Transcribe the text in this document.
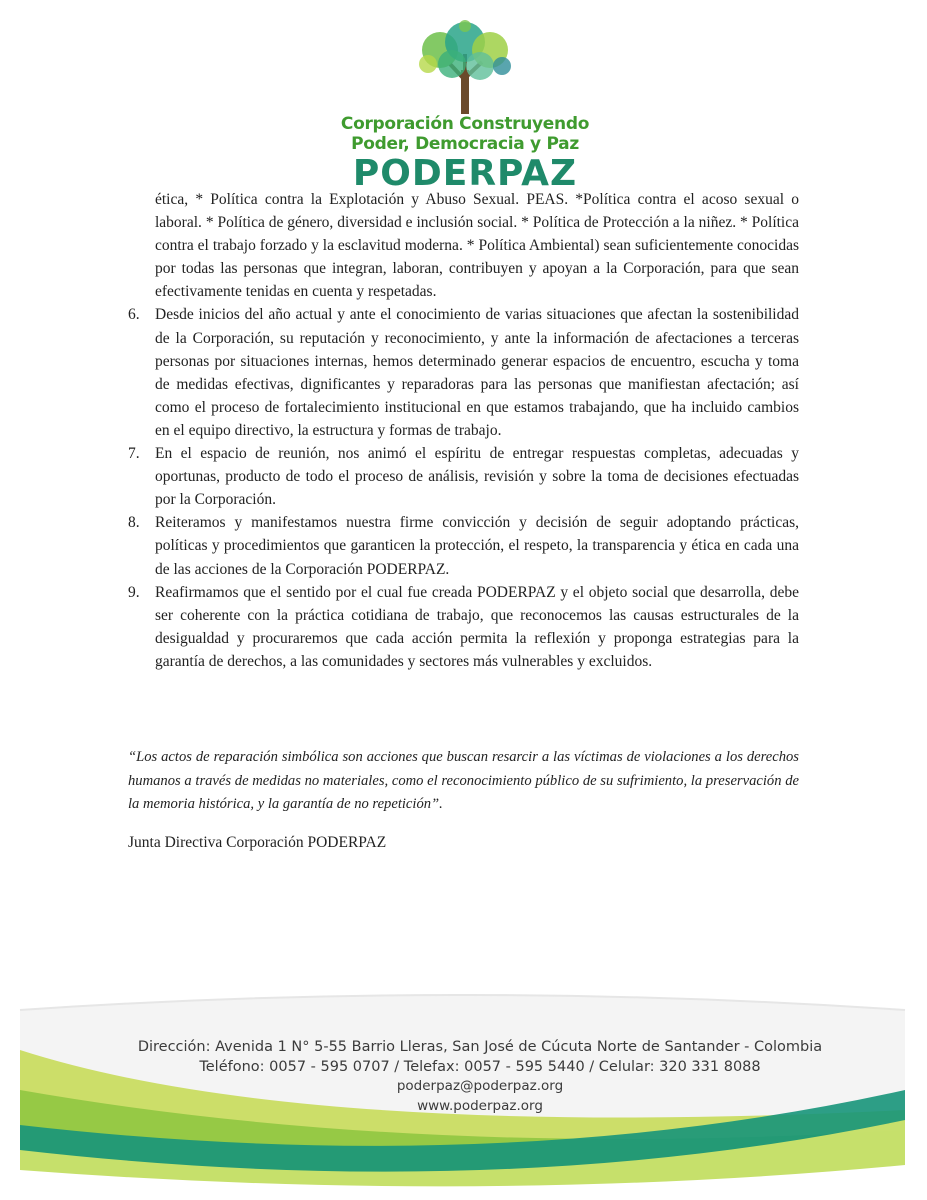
Corporación Construyendo
Poder, Democracia y Paz
PODERPAZ

ética, * Política contra la Explotación y Abuso Sexual. PEAS. *Política contra el acoso sexual o laboral. * Política de género, diversidad e inclusión social. * Política de Protección a la niñez. * Política contra el trabajo forzado y la esclavitud moderna. * Política Ambiental) sean suficientemente conocidas por todas las personas que integran, laboran, contribuyen y apoyan a la Corporación, para que sean efectivamente tenidas en cuenta y respetadas.

6. Desde inicios del año actual y ante el conocimiento de varias situaciones que afectan la sostenibilidad de la Corporación, su reputación y reconocimiento, y ante la información de afectaciones a terceras personas por situaciones internas, hemos determinado generar espacios de encuentro, escucha y toma de medidas efectivas, dignificantes y reparadoras para las personas que manifiestan afectación; así como el proceso de fortalecimiento institucional en que estamos trabajando, que ha incluido cambios en el equipo directivo, la estructura y formas de trabajo.
7. En el espacio de reunión, nos animó el espíritu de entregar respuestas completas, adecuadas y oportunas, producto de todo el proceso de análisis, revisión y sobre la toma de decisiones efectuadas por la Corporación.
8. Reiteramos y manifestamos nuestra firme convicción y decisión de seguir adoptando prácticas, políticas y procedimientos que garanticen la protección, el respeto, la transparencia y ética en cada una de las acciones de la Corporación PODERPAZ.
9. Reafirmamos que el sentido por el cual fue creada PODERPAZ y el objeto social que desarrolla, debe ser coherente con la práctica cotidiana de trabajo, que reconocemos las causas estructurales de la desigualdad y procuraremos que cada acción permita la reflexión y proponga estrategias para la garantía de derechos, a las comunidades y sectores más vulnerables y excluidos.
“Los actos de reparación simbólica son acciones que buscan resarcir a las víctimas de violaciones a los derechos humanos a través de medidas no materiales, como el reconocimiento público de su sufrimiento, la preservación de la memoria histórica, y la garantía de no repetición”.
Junta Directiva Corporación PODERPAZ
Dirección: Avenida 1 N° 5-55 Barrio Lleras, San José de Cúcuta Norte de Santander - Colombia
Teléfono: 0057 - 595 0707 / Telefax: 0057 - 595 5440 / Celular: 320 331 8088
poderpaz@poderpaz.org
www.poderpaz.org
